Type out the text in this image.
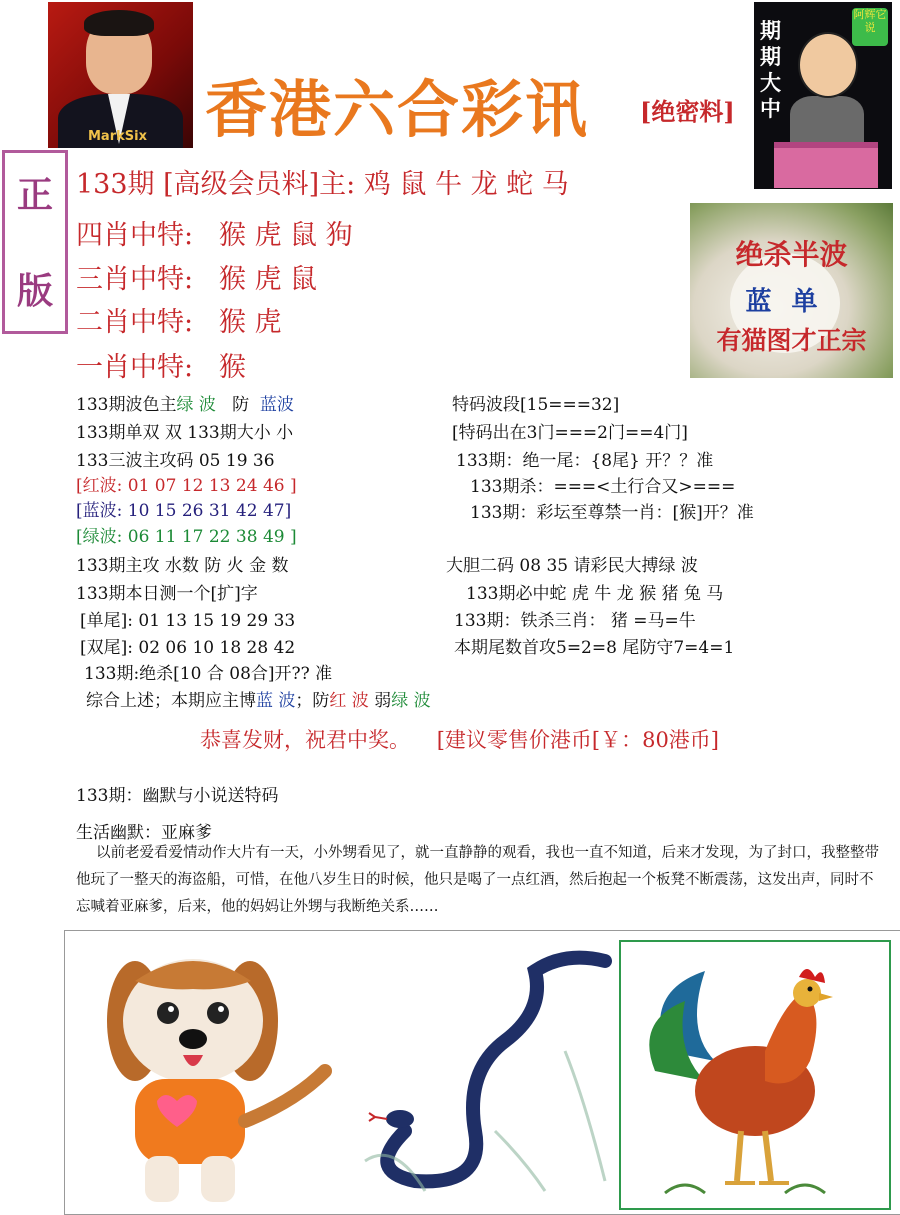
MarkSix 香港六合彩讯 [绝密料]
期期大中
阿辉它说
正
版
133期 [高级会员料]主: 鸡 鼠 牛 龙 蛇 马
四肖中特: 猴 虎 鼠 狗
三肖中特: 猴 虎 鼠
二肖中特: 猴 虎
一肖中特: 猴
绝杀半波
蓝单
有猫图才正宗
133期波色主绿 波 防 蓝波
133期单双 双 133期大小 小
133三波主攻码 05 19 36
[红波: 01 07 12 13 24 46 ]
[蓝波: 10 15 26 31 42 47]
[绿波: 06 11 17 22 38 49 ]
133期主攻 水数 防 火 金 数
133期本日测一个[扩]字
[单尾]: 01 13 15 19 29 33
[双尾]: 02 06 10 18 28 42
133期:绝杀[10 合 08合]开?? 准
综合上述；本期应主博蓝 波；防红 波 弱绿 波
特码波段[15===32]
[特码出在3门===2门==4门]
133期：绝一尾：{8尾} 开？？准
133期杀：===<土行合又>===
133期：彩坛至尊禁一肖：[猴]开？准
大胆二码 08 35 请彩民大搏绿 波
133期必中蛇 虎 牛 龙 猴 猪 兔 马
133期：铁杀三肖： 猪 =马=牛
本期尾数首攻5=2=8 尾防守7=4=1
恭喜发财，祝君中奖。 [建议零售价港币[￥：80港币]
133期：幽默与小说送特码
生活幽默：亚麻爹
以前老爱看爱情动作大片有一天，小外甥看见了，就一直静静的观看，我也一直不知道，后来才发现，为了封口，我整整带他玩了一整天的海盗船，可惜，在他八岁生日的时候，他只是喝了一点红酒，然后抱起一个板凳不断震荡，这发出声，同时不忘喊着亚麻爹，后来，他的妈妈让外甥与我断绝关系……
